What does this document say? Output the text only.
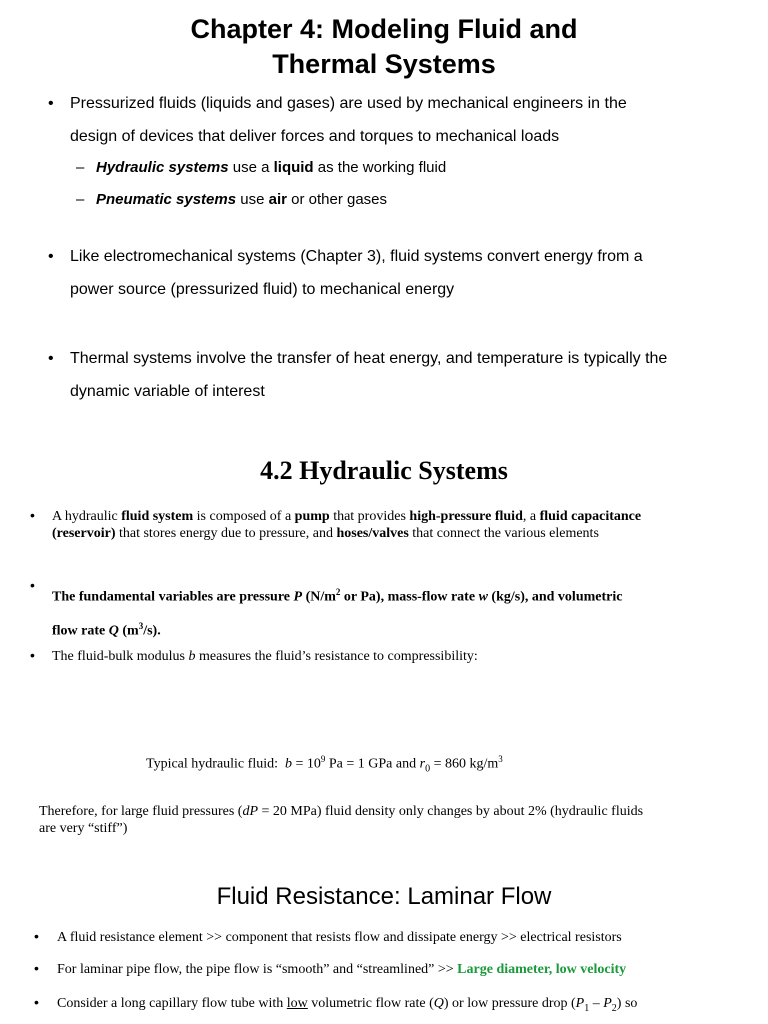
Chapter 4: Modeling Fluid and
Thermal Systems
• Pressurized fluids (liquids and gases) are used by mechanical engineers in the
design of devices that deliver forces and torques to mechanical loads
– Hydraulic systems use a liquid as the working fluid
– Pneumatic systems use air or other gases
• Like electromechanical systems (Chapter 3), fluid systems convert energy from a
power source (pressurized fluid) to mechanical energy
• Thermal systems involve the transfer of heat energy, and temperature is typically the
dynamic variable of interest
4.2 Hydraulic Systems
• A hydraulic fluid system is composed of a pump that provides high-pressure fluid, a fluid capacitance
(reservoir) that stores energy due to pressure, and hoses/valves that connect the various elements
•
The fundamental variables are pressure P ($N/m^2$ or Pa), mass-flow rate w (kg/s), and volumetric
flow rate Q $(m^3/s)$.
• The fluid-bulk modulus b measures the fluid’s resistance to compressibility:
Typical hydraulic fluid:  $b = 10^9$ Pa = 1 GPa and $r_0 = 860$ $kg/m^3$
Therefore, for large fluid pressures (dP = 20 MPa) fluid density only changes by about 2% (hydraulic fluids
are very “stiff”)
Fluid Resistance: Laminar Flow
• A fluid resistance element >> component that resists flow and dissipate energy >> electrical resistors
• For laminar pipe flow, the pipe flow is “smooth” and “streamlined” >> Large diameter, low velocity
• Consider a long capillary flow tube with low volumetric flow rate (Q) or low pressure drop $(P_1 - P_2)$ so
